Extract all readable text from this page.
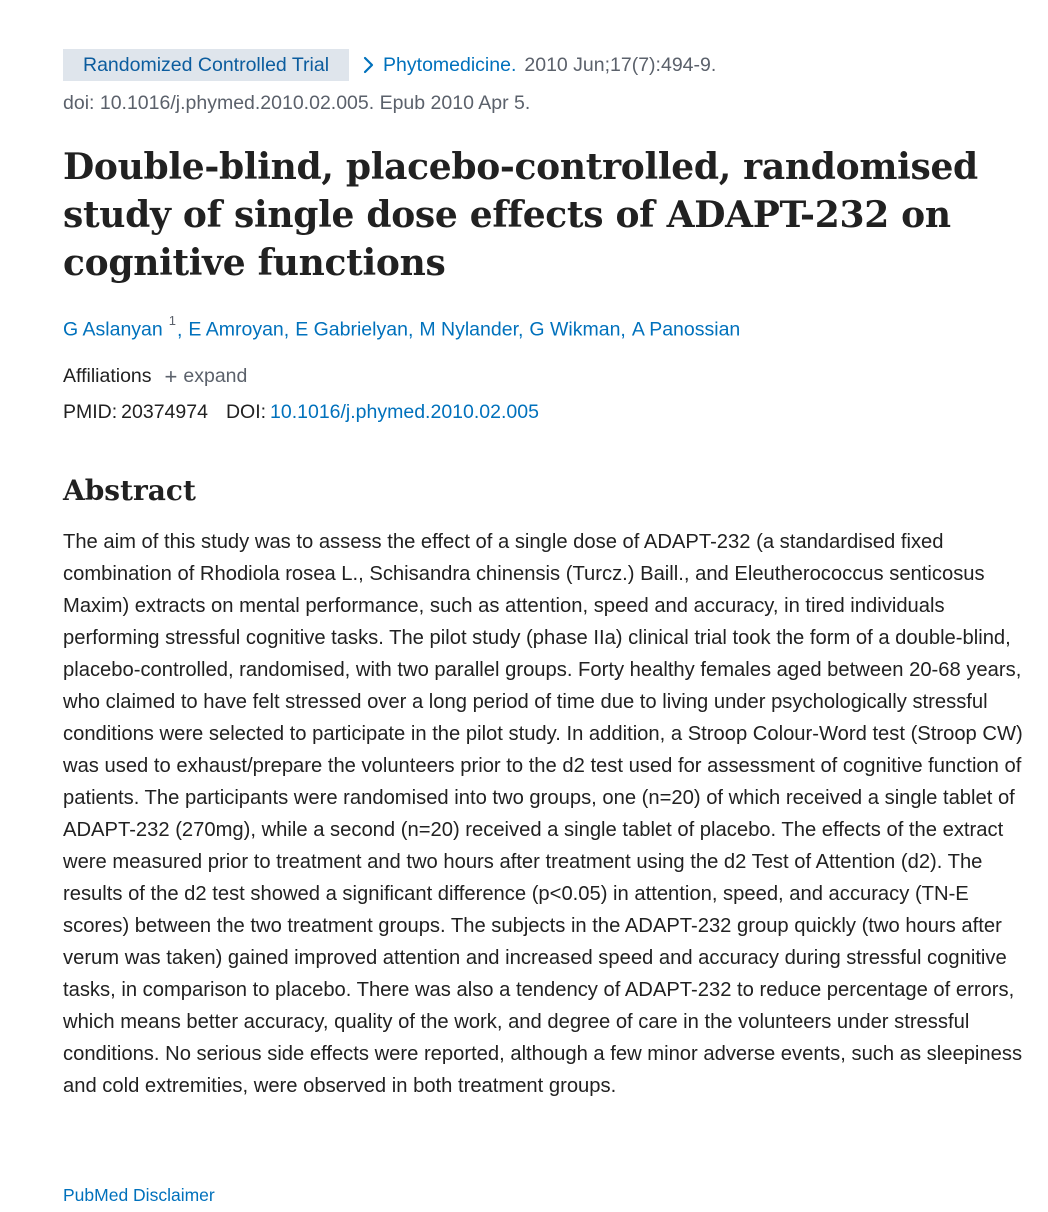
Randomized Controlled Trial	Phytomedicine. 2010 Jun;17(7):494-9.
doi: 10.1016/j.phymed.2010.02.005. Epub 2010 Apr 5.
Double-blind, placebo-controlled, randomised study of single dose effects of ADAPT-232 on cognitive functions
G Aslanyan $^1$, E Amroyan, E Gabrielyan, M Nylander, G Wikman, A Panossian
Affiliations + expand
PMID: 20374974 DOI: 10.1016/j.phymed.2010.02.005
Abstract

The aim of this study was to assess the effect of a single dose of ADAPT-232 (a standardised fixed combination of Rhodiola rosea L., Schisandra chinensis (Turcz.) Baill., and Eleutherococcus senticosus Maxim) extracts on mental performance, such as attention, speed and accuracy, in tired individuals performing stressful cognitive tasks. The pilot study (phase IIa) clinical trial took the form of a double-blind, placebo-controlled, randomised, with two parallel groups. Forty healthy females aged between 20-68 years, who claimed to have felt stressed over a long period of time due to living under psychologically stressful conditions were selected to participate in the pilot study. In addition, a Stroop Colour-Word test (Stroop CW) was used to exhaust/prepare the volunteers prior to the d2 test used for assessment of cognitive function of patients. The participants were randomised into two groups, one (n=20) of which received a single tablet of ADAPT-232 (270mg), while a second (n=20) received a single tablet of placebo. The effects of the extract were measured prior to treatment and two hours after treatment using the d2 Test of Attention (d2). The results of the d2 test showed a significant difference (p<0.05) in attention, speed, and accuracy (TN-E scores) between the two treatment groups. The subjects in the ADAPT-232 group quickly (two hours after verum was taken) gained improved attention and increased speed and accuracy during stressful cognitive tasks, in comparison to placebo. There was also a tendency of ADAPT-232 to reduce percentage of errors, which means better accuracy, quality of the work, and degree of care in the volunteers under stressful conditions. No serious side effects were reported, although a few minor adverse events, such as sleepiness and cold extremities, were observed in both treatment groups.

PubMed Disclaimer
